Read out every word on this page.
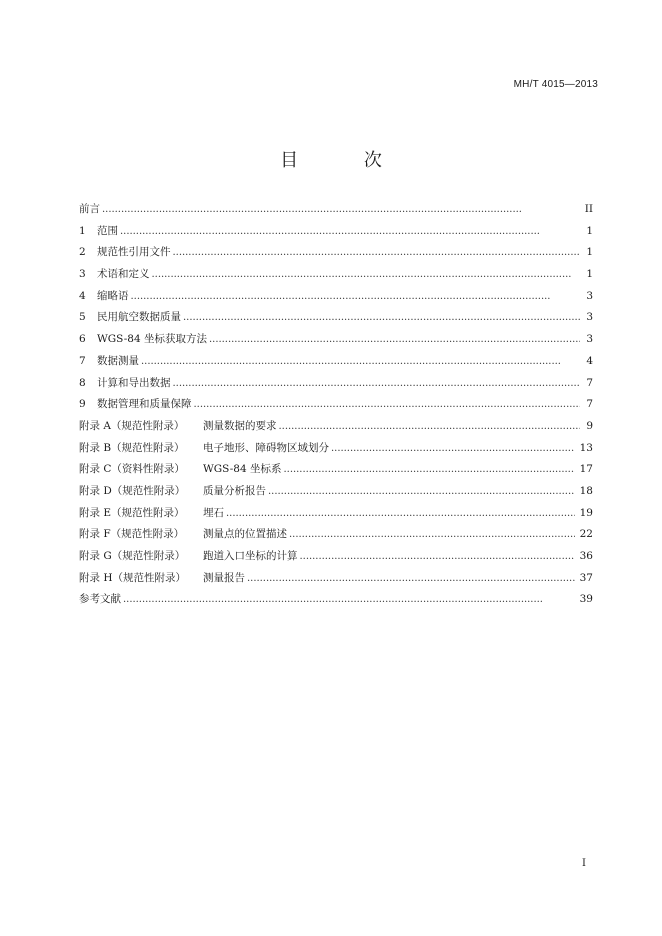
MH/T 4015—2013
目 次
前言 . . .	II
1	范围 . . .	1
2	规范性引用文件 . . .	1
3	术语和定义 . . .	1
4	缩略语 . . .	3
5	民用航空数据质量 . . .	3
6	WGS-84 坐标获取方法 . . .	3
7	数据测量 . . .	4
8	计算和导出数据 . . .	7
9	数据管理和质量保障 . . .	7
附录 A（规范性附录）	测量数据的要求 . . .	9
附录 B（规范性附录）	电子地形、障碍物区域划分 . . .	13
附录 C（资料性附录）	WGS-84 坐标系 . . .	17
附录 D（规范性附录）	质量分析报告 . . .	18
附录 E（规范性附录）	埋石 . . .	19
附录 F（规范性附录）	测量点的位置描述 . . .	22
附录 G（规范性附录）	跑道入口坐标的计算 . . .	36
附录 H（规范性附录）	测量报告 . . .	37
参考文献 . . .	39
I
